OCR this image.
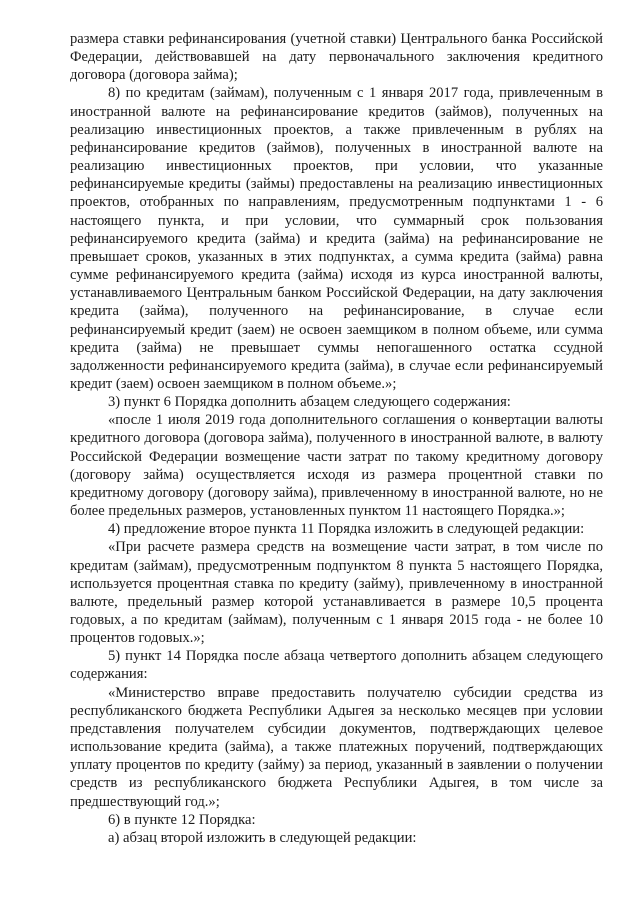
размера ставки рефинансирования (учетной ставки) Центрального банка Российской Федерации, действовавшей на дату первоначального заключения кредитного договора (договора займа);

8) по кредитам (займам), полученным с 1 января 2017 года, привлеченным в иностранной валюте на рефинансирование кредитов (займов), полученных на реализацию инвестиционных проектов, а также привлеченным в рублях на рефинансирование кредитов (займов), полученных в иностранной валюте на реализацию инвестиционных проектов, при условии, что указанные рефинансируемые кредиты (займы) предоставлены на реализацию инвестиционных проектов, отобранных по направлениям, предусмотренным подпунктами 1 - 6 настоящего пункта, и при условии, что суммарный срок пользования рефинансируемого кредита (займа) и кредита (займа) на рефинансирование не превышает сроков, указанных в этих подпунктах, а сумма кредита (займа) равна сумме рефинансируемого кредита (займа) исходя из курса иностранной валюты, устанавливаемого Центральным банком Российской Федерации, на дату заключения кредита (займа), полученного на рефинансирование, в случае если рефинансируемый кредит (заем) не освоен заемщиком в полном объеме, или сумма кредита (займа) не превышает суммы непогашенного остатка ссудной задолженности рефинансируемого кредита (займа), в случае если рефинансируемый кредит (заем) освоен заемщиком в полном объеме.»;

3) пункт 6 Порядка дополнить абзацем следующего содержания:

«после 1 июля 2019 года дополнительного соглашения о конвертации валюты кредитного договора (договора займа), полученного в иностранной валюте, в валюту Российской Федерации возмещение части затрат по такому кредитному договору (договору займа) осуществляется исходя из размера процентной ставки по кредитному договору (договору займа), привлеченному в иностранной валюте, но не более предельных размеров, установленных пунктом 11 настоящего Порядка.»;

4) предложение второе пункта 11 Порядка изложить в следующей редакции:

«При расчете размера средств на возмещение части затрат, в том числе по кредитам (займам), предусмотренным подпунктом 8 пункта 5 настоящего Порядка, используется процентная ставка по кредиту (займу), привлеченному в иностранной валюте, предельный размер которой устанавливается в размере 10,5 процента годовых, а по кредитам (займам), полученным с 1 января 2015 года - не более 10 процентов годовых.»;

5) пункт 14 Порядка после абзаца четвертого дополнить абзацем следующего содержания:

«Министерство вправе предоставить получателю субсидии средства из республиканского бюджета Республики Адыгея за несколько месяцев при условии представления получателем субсидии документов, подтверждающих целевое использование кредита (займа), а также платежных поручений, подтверждающих уплату процентов по кредиту (займу) за период, указанный в заявлении о получении средств из республиканского бюджета Республики Адыгея, в том числе за предшествующий год.»;

6) в пункте 12 Порядка:

а) абзац второй изложить в следующей редакции:
